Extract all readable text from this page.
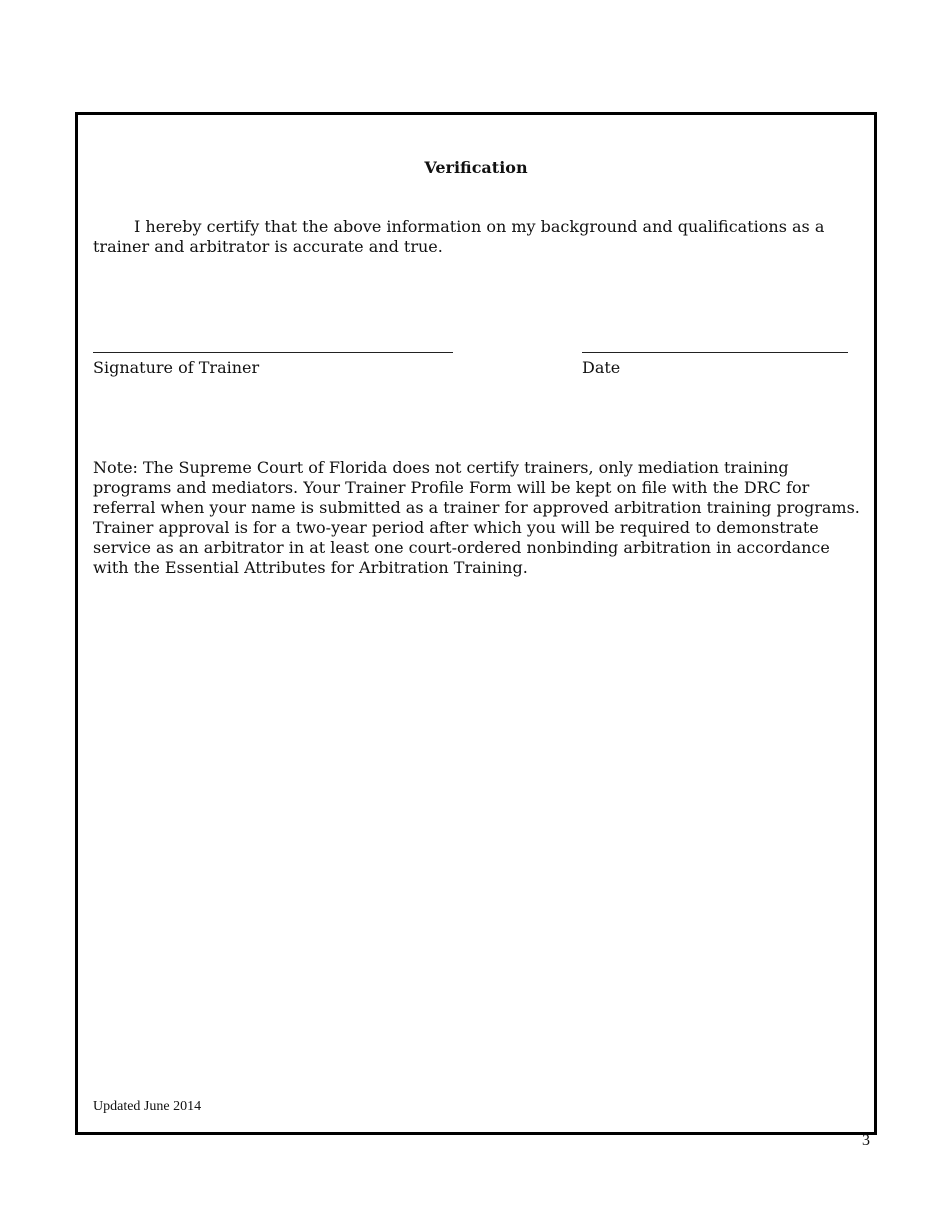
Verification

I hereby certify that the above information on my background and qualifications as a trainer and arbitrator is accurate and true.

Signature of Trainer	Date

Note: The Supreme Court of Florida does not certify trainers, only mediation training programs and mediators. Your Trainer Profile Form will be kept on file with the DRC for referral when your name is submitted as a trainer for approved arbitration training programs. Trainer approval is for a two-year period after which you will be required to demonstrate service as an arbitrator in at least one court-ordered nonbinding arbitration in accordance with the Essential Attributes for Arbitration Training.

Updated June 2014

3
